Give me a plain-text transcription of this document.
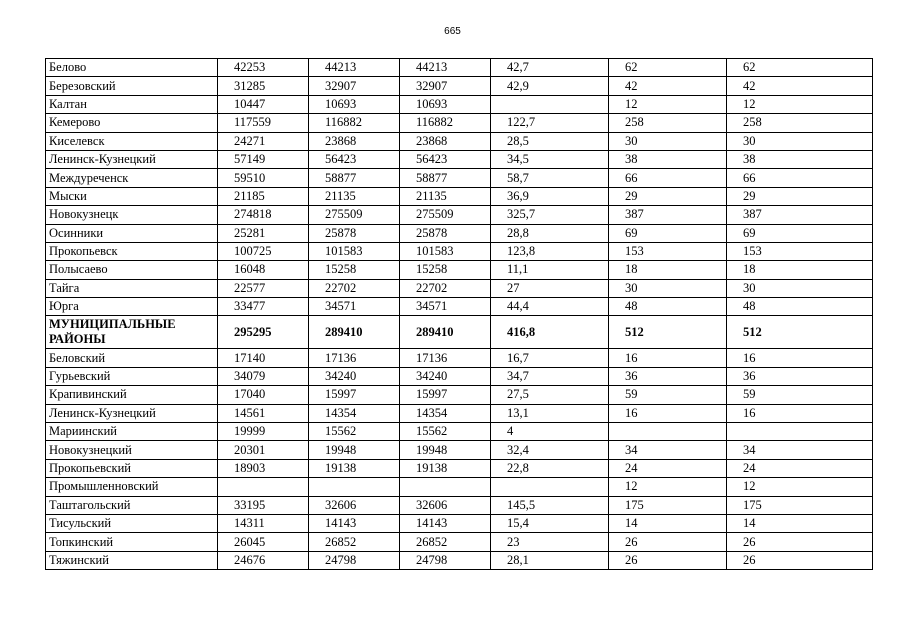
665
Белово	42253	44213	44213	42,7	62	62
Березовский	31285	32907	32907	42,9	42	42
Калтан	10447	10693	10693		12	12
Кемерово	117559	116882	116882	122,7	258	258
Киселевск	24271	23868	23868	28,5	30	30
Ленинск-Кузнецкий	57149	56423	56423	34,5	38	38
Междуреченск	59510	58877	58877	58,7	66	66
Мыски	21185	21135	21135	36,9	29	29
Новокузнецк	274818	275509	275509	325,7	387	387
Осинники	25281	25878	25878	28,8	69	69
Прокопьевск	100725	101583	101583	123,8	153	153
Полысаево	16048	15258	15258	11,1	18	18
Тайга	22577	22702	22702	27	30	30
Юрга	33477	34571	34571	44,4	48	48
МУНИЦИПАЛЬНЫЕ РАЙОНЫ	295295	289410	289410	416,8	512	512
Беловский	17140	17136	17136	16,7	16	16
Гурьевский	34079	34240	34240	34,7	36	36
Крапивинский	17040	15997	15997	27,5	59	59
Ленинск-Кузнецкий	14561	14354	14354	13,1	16	16
Мариинский	19999	15562	15562	4		
Новокузнецкий	20301	19948	19948	32,4	34	34
Прокопьевский	18903	19138	19138	22,8	24	24
Промышленновский					12	12
Таштагольский	33195	32606	32606	145,5	175	175
Тисульский	14311	14143	14143	15,4	14	14
Топкинский	26045	26852	26852	23	26	26
Тяжинский	24676	24798	24798	28,1	26	26
